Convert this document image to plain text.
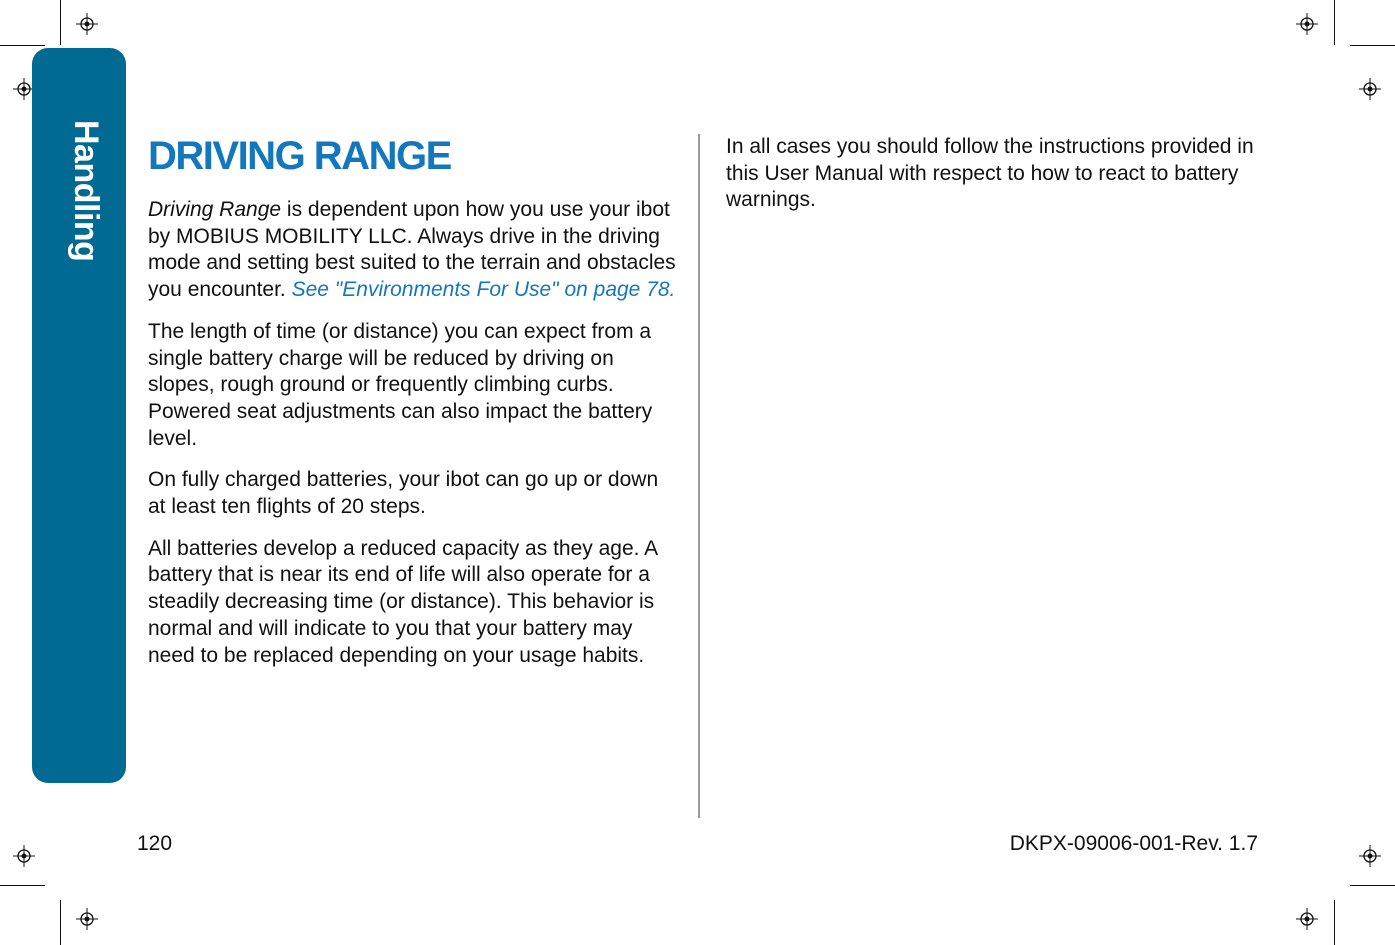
Handling DRIVING RANGE

Driving Range is dependent upon how you use your ibot by MOBIUS MOBILITY LLC. Always drive in the driving mode and setting best suited to the terrain and obstacles you encounter. See "Environments For Use" on page 78.

The length of time (or distance) you can expect from a single battery charge will be reduced by driving on slopes, rough ground or frequently climbing curbs. Powered seat adjustments can also impact the battery level.

On fully charged batteries, your ibot can go up or down at least ten flights of 20 steps.

All batteries develop a reduced capacity as they age. A battery that is near its end of life will also operate for a steadily decreasing time (or distance). This behavior is normal and will indicate to you that your battery may need to be replaced depending on your usage habits.

In all cases you should follow the instructions provided in this User Manual with respect to how to react to battery warnings.

120	DKPX-09006-001-Rev. 1.7
